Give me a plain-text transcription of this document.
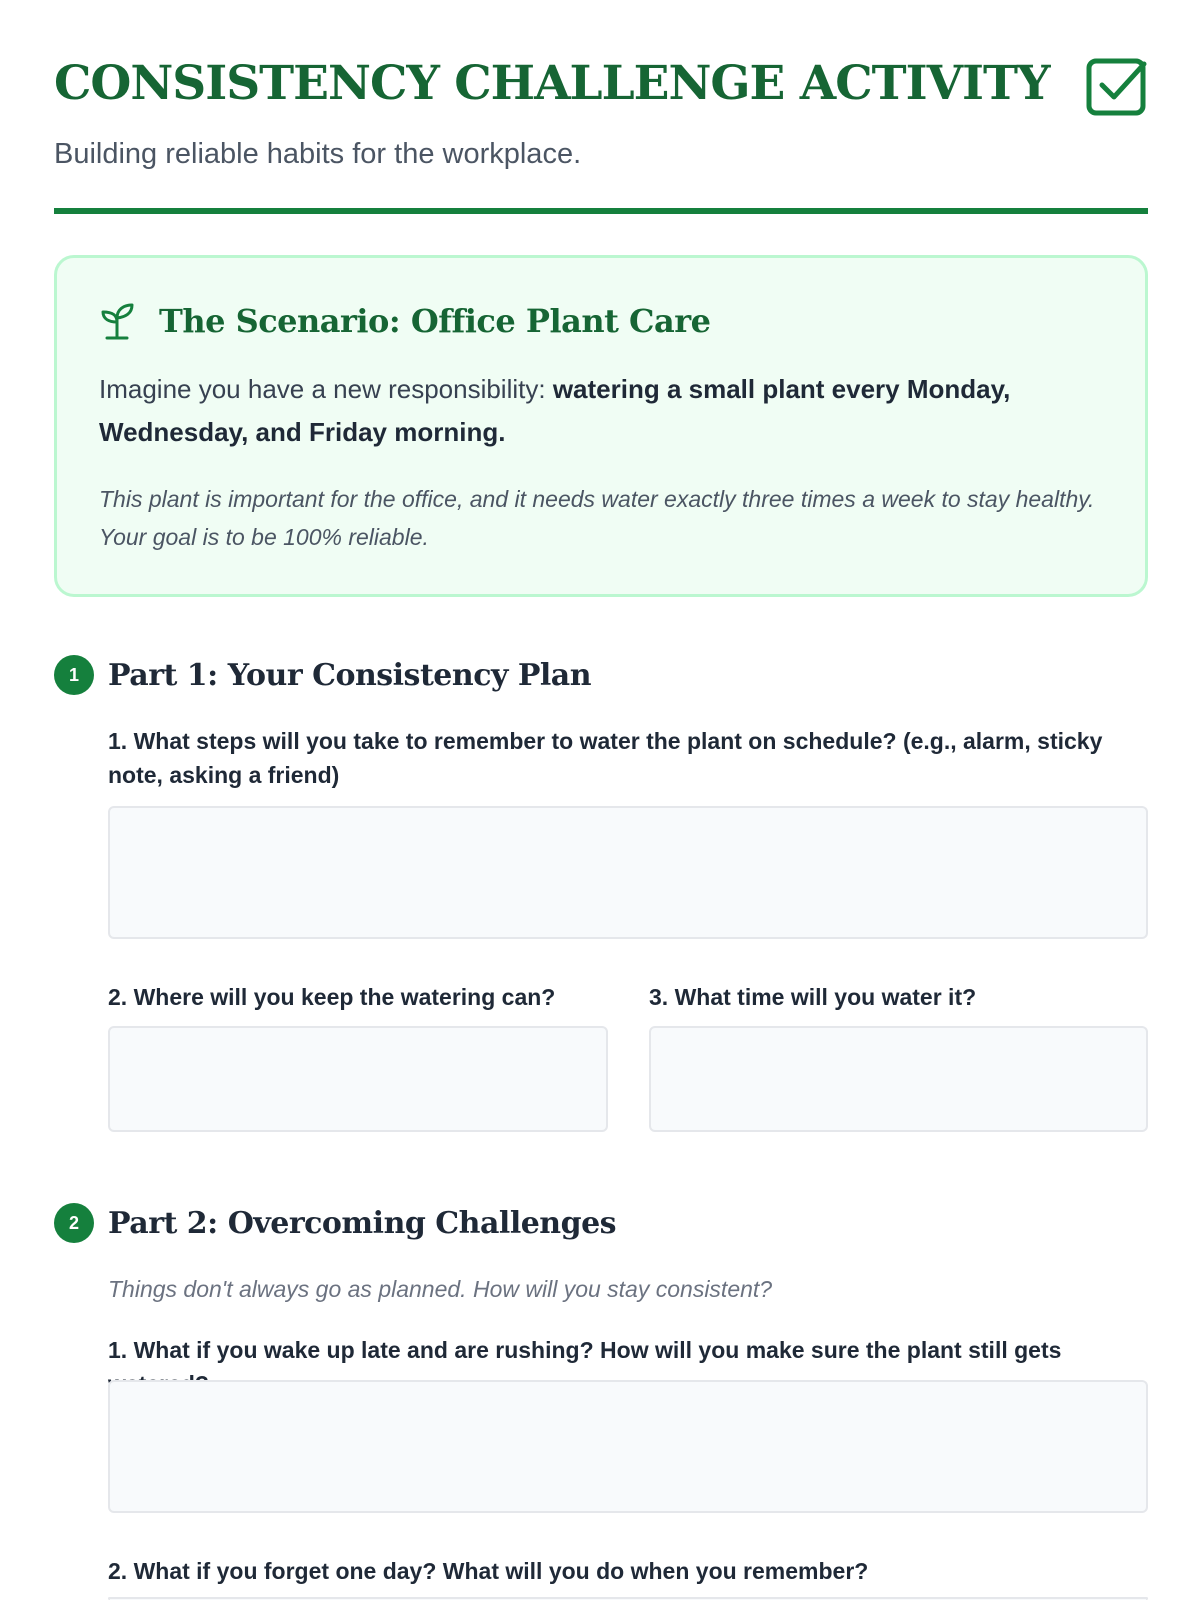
CONSISTENCY CHALLENGE ACTIVITY
Building reliable habits for the workplace.
The Scenario: Office Plant Care
Imagine you have a new responsibility: watering a small plant every Monday, Wednesday, and Friday morning.
This plant is important for the office, and it needs water exactly three times a week to stay healthy. Your goal is to be 100% reliable.
1 Part 1: Your Consistency Plan
1. What steps will you take to remember to water the plant on schedule? (e.g., alarm, sticky note, asking a friend)
2. Where will you keep the watering can?	3. What time will you water it?
2 Part 2: Overcoming Challenges
Things don't always go as planned. How will you stay consistent?
1. What if you wake up late and are rushing? How will you make sure the plant still gets
2. What if you forget one day? What will you do when you remember?
